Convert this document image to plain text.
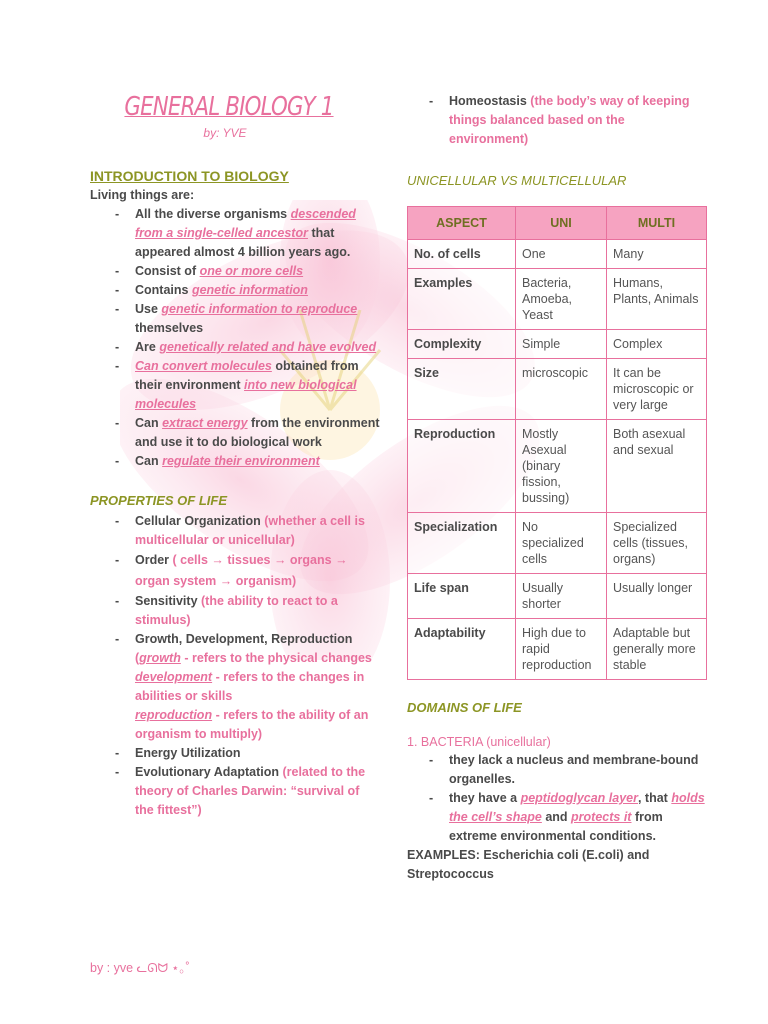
GENERAL BIOLOGY 1
by: YVE
INTRODUCTION TO BIOLOGY
Living things are:
- All the diverse organisms descended from a single-celled ancestor that appeared almost 4 billion years ago.
- Consist of one or more cells
- Contains genetic information
- Use genetic information to reproduce themselves
- Are genetically related and have evolved
- Can convert molecules obtained from their environment into new biological molecules
- Can extract energy from the environment and use it to do biological work
- Can regulate their environment
PROPERTIES OF LIFE
- Cellular Organization (whether a cell is multicellular or unicellular)
- Order ( cells → tissues → organs → organ system → organism)
- Sensitivity (the ability to react to a stimulus)
- Growth, Development, Reproduction
(growth - refers to the physical changes
development - refers to the changes in abilities or skills
reproduction - refers to the ability of an organism to multiply)
- Energy Utilization
- Evolutionary Adaptation (related to the theory of Charles Darwin: “survival of the fittest”)
- Homeostasis (the body’s way of keeping things balanced based on the environment)
UNICELLULAR VS MULTICELLULAR
ASPECT	UNI	MULTI
No. of cells	One	Many
Examples	Bacteria, Amoeba, Yeast	Humans, Plants, Animals
Complexity	Simple	Complex
Size	microscopic	It can be microscopic or very large
Reproduction	Mostly Asexual (binary fission, bussing)	Both asexual and sexual
Specialization	No specialized cells	Specialized cells (tissues, organs)
Life span	Usually shorter	Usually longer
Adaptability	High due to rapid reproduction	Adaptable but generally more stable
DOMAINS OF LIFE
1. BACTERIA (unicellular)
- they lack a nucleus and membrane-bound organelles.
- they have a peptidoglycan layer, that holds the cell’s shape and protects it from extreme environmental conditions.
EXAMPLES: Escherichia coli (E.coli) and Streptococcus
by : yve ᓚᘏᗢ ⋆｡˚
